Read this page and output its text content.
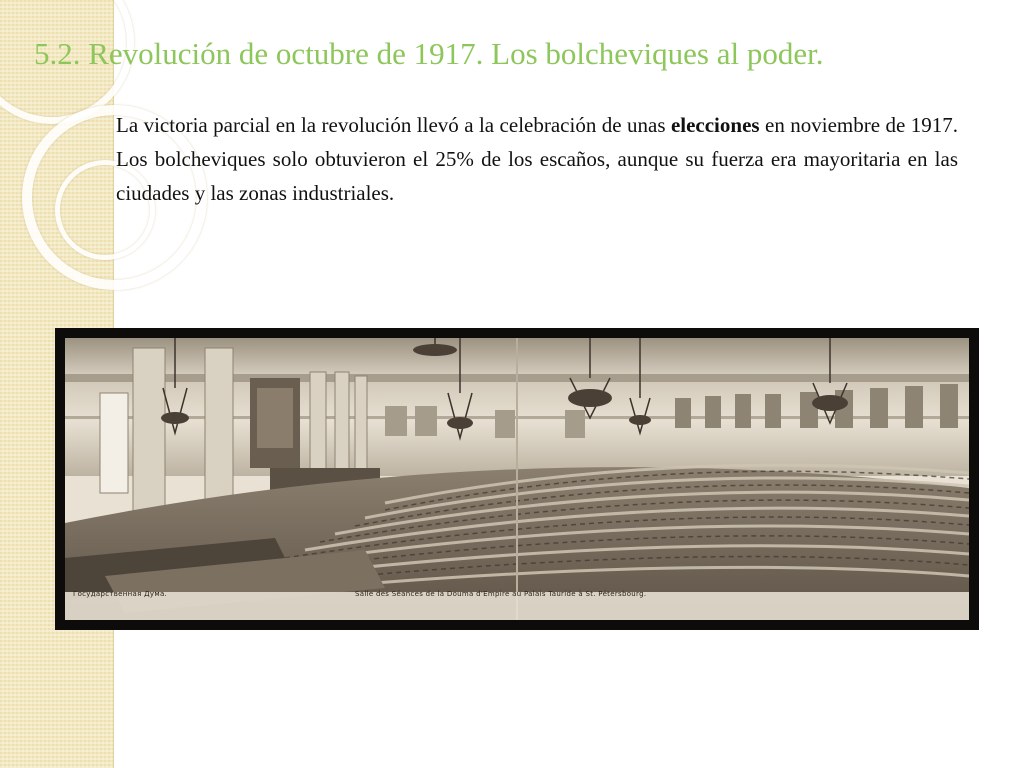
5.2. Revolución de octubre de 1917. Los bolcheviques al poder.

La victoria parcial en la revolución llevó a la celebración de unas elecciones en noviembre de 1917. Los bolcheviques solo obtuvieron el 25% de los escaños, aunque su fuerza era mayoritaria en las ciudades y las zonas industriales.

Государственная Дума.	Salle des Séances de la Douma d'Empire au Palais Tauride à St. Pétersbourg.
